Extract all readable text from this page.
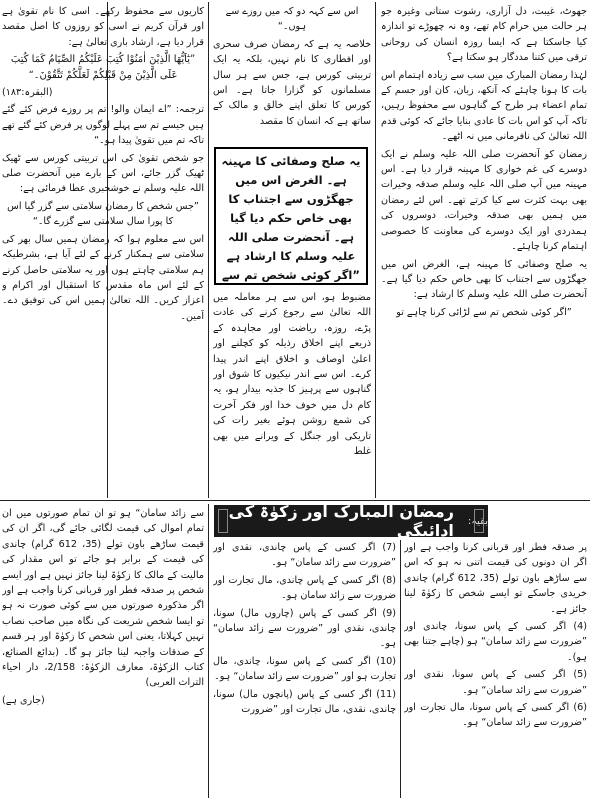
جھوٹ، غیبت، دل آزاری، رشوت ستانی وغیرہ جو ہر حالت میں حرام کام تھے، وہ نہ چھوڑے تو اندازہ کیا جاسکتا ہے کہ ایسا روزہ انسان کی روحانی ترقی میں کتنا مددگار ہو سکتا ہے؟

لہٰذا رمضان المبارک میں سب سے زیادہ اہتمام اس بات کا ہونا چاہئے کہ آنکھ، زبان، کان اور جسم کے تمام اعضاء ہر طرح کے گناہوں سے محفوظ رہیں، تاکہ آپ کو اس بات کا عادی بنایا جائے کہ کوئی قدم اللہ تعالیٰ کی نافرمانی میں نہ اٹھے۔

رمضان کو آنحضرت صلی اللہ علیہ وسلم نے ایک دوسرے کی غم خواری کا مہینہ قرار دیا ہے۔ اس مہینہ میں آپ صلی اللہ علیہ وسلم صدقہ وخیرات بھی بہت کثرت سے کیا کرتے تھے۔ اس لئے رمضان میں ہمیں بھی صدقہ وخیرات، دوسروں کی ہمدردی اور ایک دوسرے کی معاونت کا خصوصی اہتمام کرنا چاہئے۔

یہ صلح وصفائی کا مہینہ ہے، الغرض اس میں جھگڑوں سے اجتناب کا بھی خاص حکم دیا گیا ہے۔ آنحضرت صلی اللہ علیہ وسلم کا ارشاد ہے:

”اگر کوئی شخص تم سے لڑائی کرنا چاہے تو

اس سے کہہ دو کہ میں روزے سے ہوں۔“

خلاصہ یہ ہے کہ رمضان صرف سحری اور افطاری کا نام نہیں، بلکہ یہ ایک تربیتی کورس ہے، جس سے ہر سال مسلمانوں کو گزارا جاتا ہے۔ اس کورس کا تعلق اپنے خالق و مالک کے ساتھ ہے کہ انسان کا مقصد

یہ صلح وصفائی کا مہینہ ہے۔ الغرض اس میں جھگڑوں سے اجتناب کا بھی خاص حکم دیا گیا ہے۔ آنحضرت صلی اللہ علیہ وسلم کا ارشاد ہے ”اگر کوئی شخص تم سے

مضبوط ہو، اس سے ہر معاملہ میں اللہ تعالیٰ سے رجوع کرنے کی عادت پڑے، روزہ، ریاضت اور مجاہدہ کے ذریعے اپنے اخلاق رذیلہ کو کچلنے اور اعلیٰ اوصاف و اخلاق اپنے اندر پیدا کرے۔ اس سے اندر نیکیوں کا شوق اور گناہوں سے پرہیز کا جذبہ بیدار ہو، یہ کام دل میں خوف خدا اور فکر آخرت کی شمع روشن ہوئے بغیر رات کی تاریکی اور جنگل کے ویرانے میں بھی غلط

کاریوں سے محفوظ رکھے۔ اسی کا نام تقویٰ ہے اور قرآن کریم نے اسی کو روزوں کا اصل مقصد قرار دیا ہے، ارشاد باری تعالیٰ ہے:

”یٰٓاَیُّھَا الَّذِیْنَ اٰمَنُوْا کُتِبَ عَلَیْکُمُ الصِّیَامُ کَمَا کُتِبَ عَلَی الَّذِیْنَ مِنْ قَبْلِکُمْ لَعَلَّکُمْ تَتَّقُوْنَ۔“

(البقرہ:۱۸۳)

ترجمہ: ”اے ایمان والو! تم پر روزے فرض کئے گئے ہیں جیسے تم سے پہلے لوگوں پر فرض کئے گئے تھے تاکہ تم میں تقویٰ پیدا ہو۔“

جو شخص تقویٰ کی اس تربیتی کورس سے ٹھیک ٹھیک گزر جائے، اس کے بارے میں آنحضرت صلی اللہ علیہ وسلم نے خوشخبری عطا فرمائی ہے:

”جس شخص کا رمضان سلامتی سے گزر گیا اس کا پورا سال سلامتی سے گزرے گا۔“

اس سے معلوم ہوا کہ رمضان ہمیں سال بھر کی سلامتی سے ہمکنار کرنے کے لئے آیا ہے، بشرطیکہ ہم سلامتی چاہتے ہوں اور یہ سلامتی حاصل کرنے کے لئے اس ماہ مقدس کا استقبال اور اکرام و اعزاز کریں۔ اللہ تعالیٰ ہمیں اس کی توفیق دے۔ آمین۔

بقیہ:
رمضان المبارک اور زکوٰۃ کی ادائیگی

پر صدقہ فطر اور قربانی کرنا واجب ہے اور اگر ان دونوں کی قیمت اتنی نہ ہو کہ اس سے ساڑھے باون تولے (35، 612 گرام) چاندی خریدی جاسکے تو ایسے شخص کا زکوٰۃ لینا جائز ہے۔

(4) اگر کسی کے پاس سونا، چاندی اور ”ضرورت سے زائد سامان“ ہو (چاہے جتنا بھی ہو)۔

(5) اگر کسی کے پاس سونا، نقدی اور ”ضرورت سے زائد سامان“ ہو۔

(6) اگر کسی کے پاس سونا، مال تجارت اور ”ضرورت سے زائد سامان“ ہو۔

(7) اگر کسی کے پاس چاندی، نقدی اور ”ضرورت سے زائد سامان“ ہو۔

(8) اگر کسی کے پاس چاندی، مال تجارت اور ضرورت سے زائد سامان ہو۔

(9) اگر کسی کے پاس (چاروں مال) سونا، چاندی، نقدی اور ”ضرورت سے زائد سامان“ ہو۔

(10) اگر کسی کے پاس سونا، چاندی، مال تجارت ہو اور ”ضرورت سے زائد سامان“ ہو۔

(11) اگر کسی کے پاس (پانچوں مال) سونا، چاندی، نقدی، مال تجارت اور ”ضرورت

سے زائد سامان“ ہو تو ان تمام صورتوں میں ان تمام اموال کی قیمت لگائی جائے گی، اگر ان کی قیمت ساڑھے باون تولے (35، 612 گرام) چاندی کی قیمت کے برابر ہو جائے تو اس مقدار کی مالیت کے مالک کا زکوٰۃ لینا جائز نہیں ہے اور ایسے شخص پر صدقہ فطر اور قربانی کرنا واجب ہے اور اگر مذکورہ صورتوں میں سے کوئی صورت نہ ہو تو ایسا شخص شریعت کی نگاہ میں صاحب نصاب نہیں کہلاتا، یعنی اس شخص کا زکوٰۃ اور ہر قسم کے صدقات واجبہ لینا جائز ہو گا۔ (بدائع الصنائع، کتاب الزکوٰۃ، معارف الزکوٰۃ: 2/158، دار احیاء التراث العربی)

(جاری ہے)
